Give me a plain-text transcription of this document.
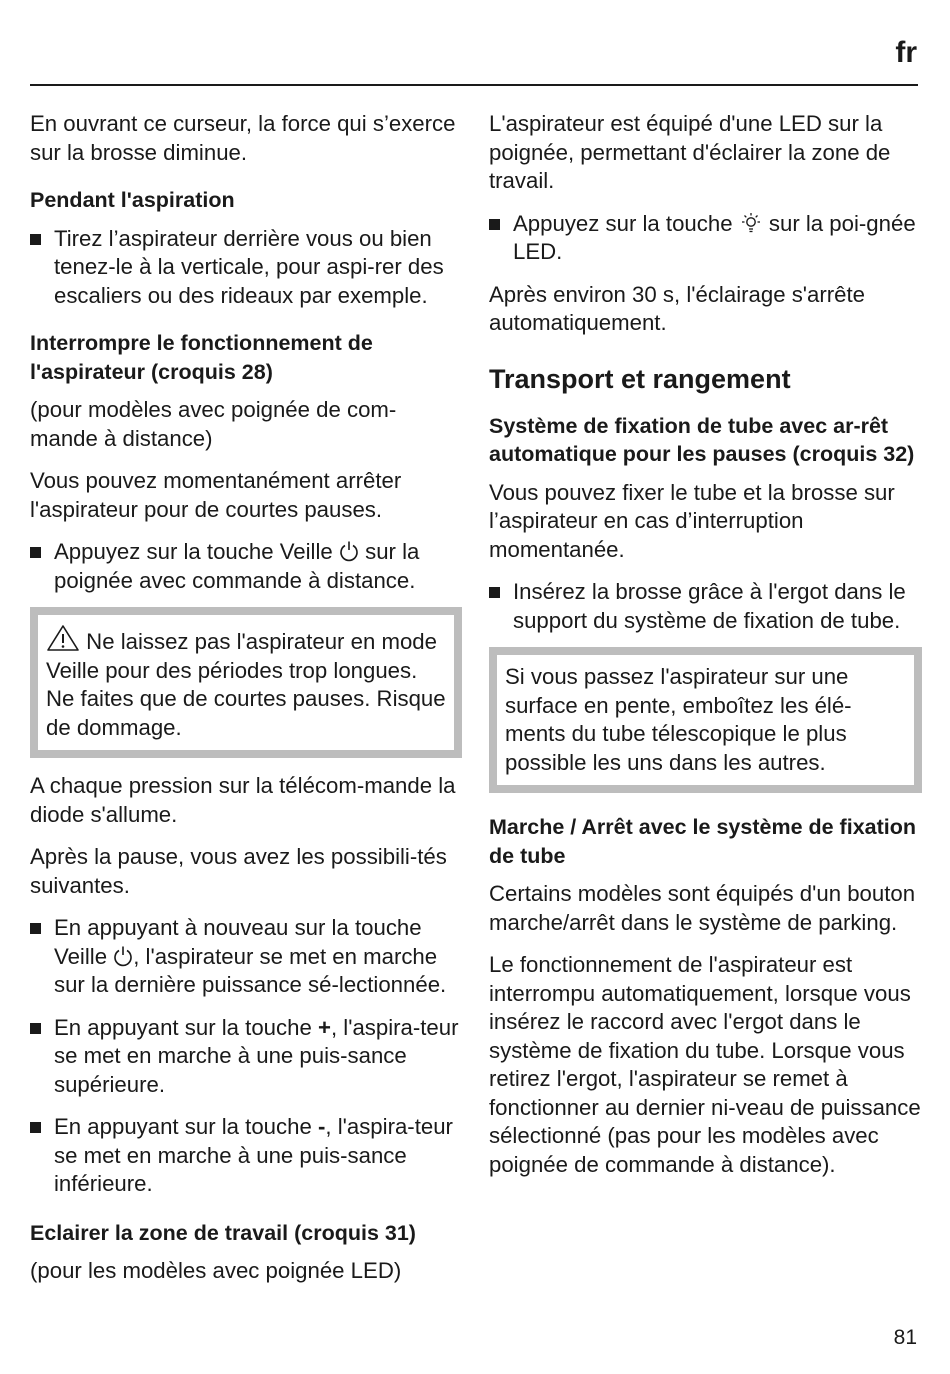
fr

En ouvrant ce curseur, la force qui s’exerce sur la brosse diminue.

Pendant l'aspiration

Tirez l’aspirateur derrière vous ou bien tenez-le à la verticale, pour aspi-rer des escaliers ou des rideaux par exemple.

Interrompre le fonctionnement de
l'aspirateur (croquis 28)

(pour modèles avec poignée de com-mande à distance)

Vous pouvez momentanément arrêter l'aspirateur pour de courtes pauses.

Appuyez sur la touche Veille sur la poignée avec commande à distance.

Ne laissez pas l'aspirateur en mode Veille pour des périodes trop longues. Ne faites que de courtes pauses. Risque de dommage.

A chaque pression sur la télécom-mande la diode s'allume.

Après la pause, vous avez les possibili-tés suivantes.

En appuyant à nouveau sur la touche Veille , l'aspirateur se met en marche sur la dernière puissance sé-lectionnée.

En appuyant sur la touche +, l'aspira-teur se met en marche à une puis-sance supérieure.

En appuyant sur la touche -, l'aspira-teur se met en marche à une puis-sance inférieure.

Eclairer la zone de travail (croquis 31)

(pour les modèles avec poignée LED)

L'aspirateur est équipé d'une LED sur la poignée, permettant d'éclairer la zone de travail.

Appuyez sur la touche sur la poi-gnée LED.

Après environ 30 s, l'éclairage s'arrête automatiquement.

Transport et rangement

Système de fixation de tube avec ar-rêt automatique pour les pauses (croquis 32)

Vous pouvez fixer le tube et la brosse sur l’aspirateur en cas d’interruption momentanée.

Insérez la brosse grâce à l'ergot dans le support du système de fixation de tube.

Si vous passez l'aspirateur sur une surface en pente, emboîtez les élé-ments du tube télescopique le plus possible les uns dans les autres.

Marche / Arrêt avec le système de fixation de tube

Certains modèles sont équipés d'un bouton marche/arrêt dans le système de parking.

Le fonctionnement de l'aspirateur est interrompu automatiquement, lorsque vous insérez le raccord avec l'ergot dans le système de fixation du tube. Lorsque vous retirez l'ergot, l'aspirateur se remet à fonctionner au dernier ni-veau de puissance sélectionné (pas pour les modèles avec poignée de commande à distance).

81
